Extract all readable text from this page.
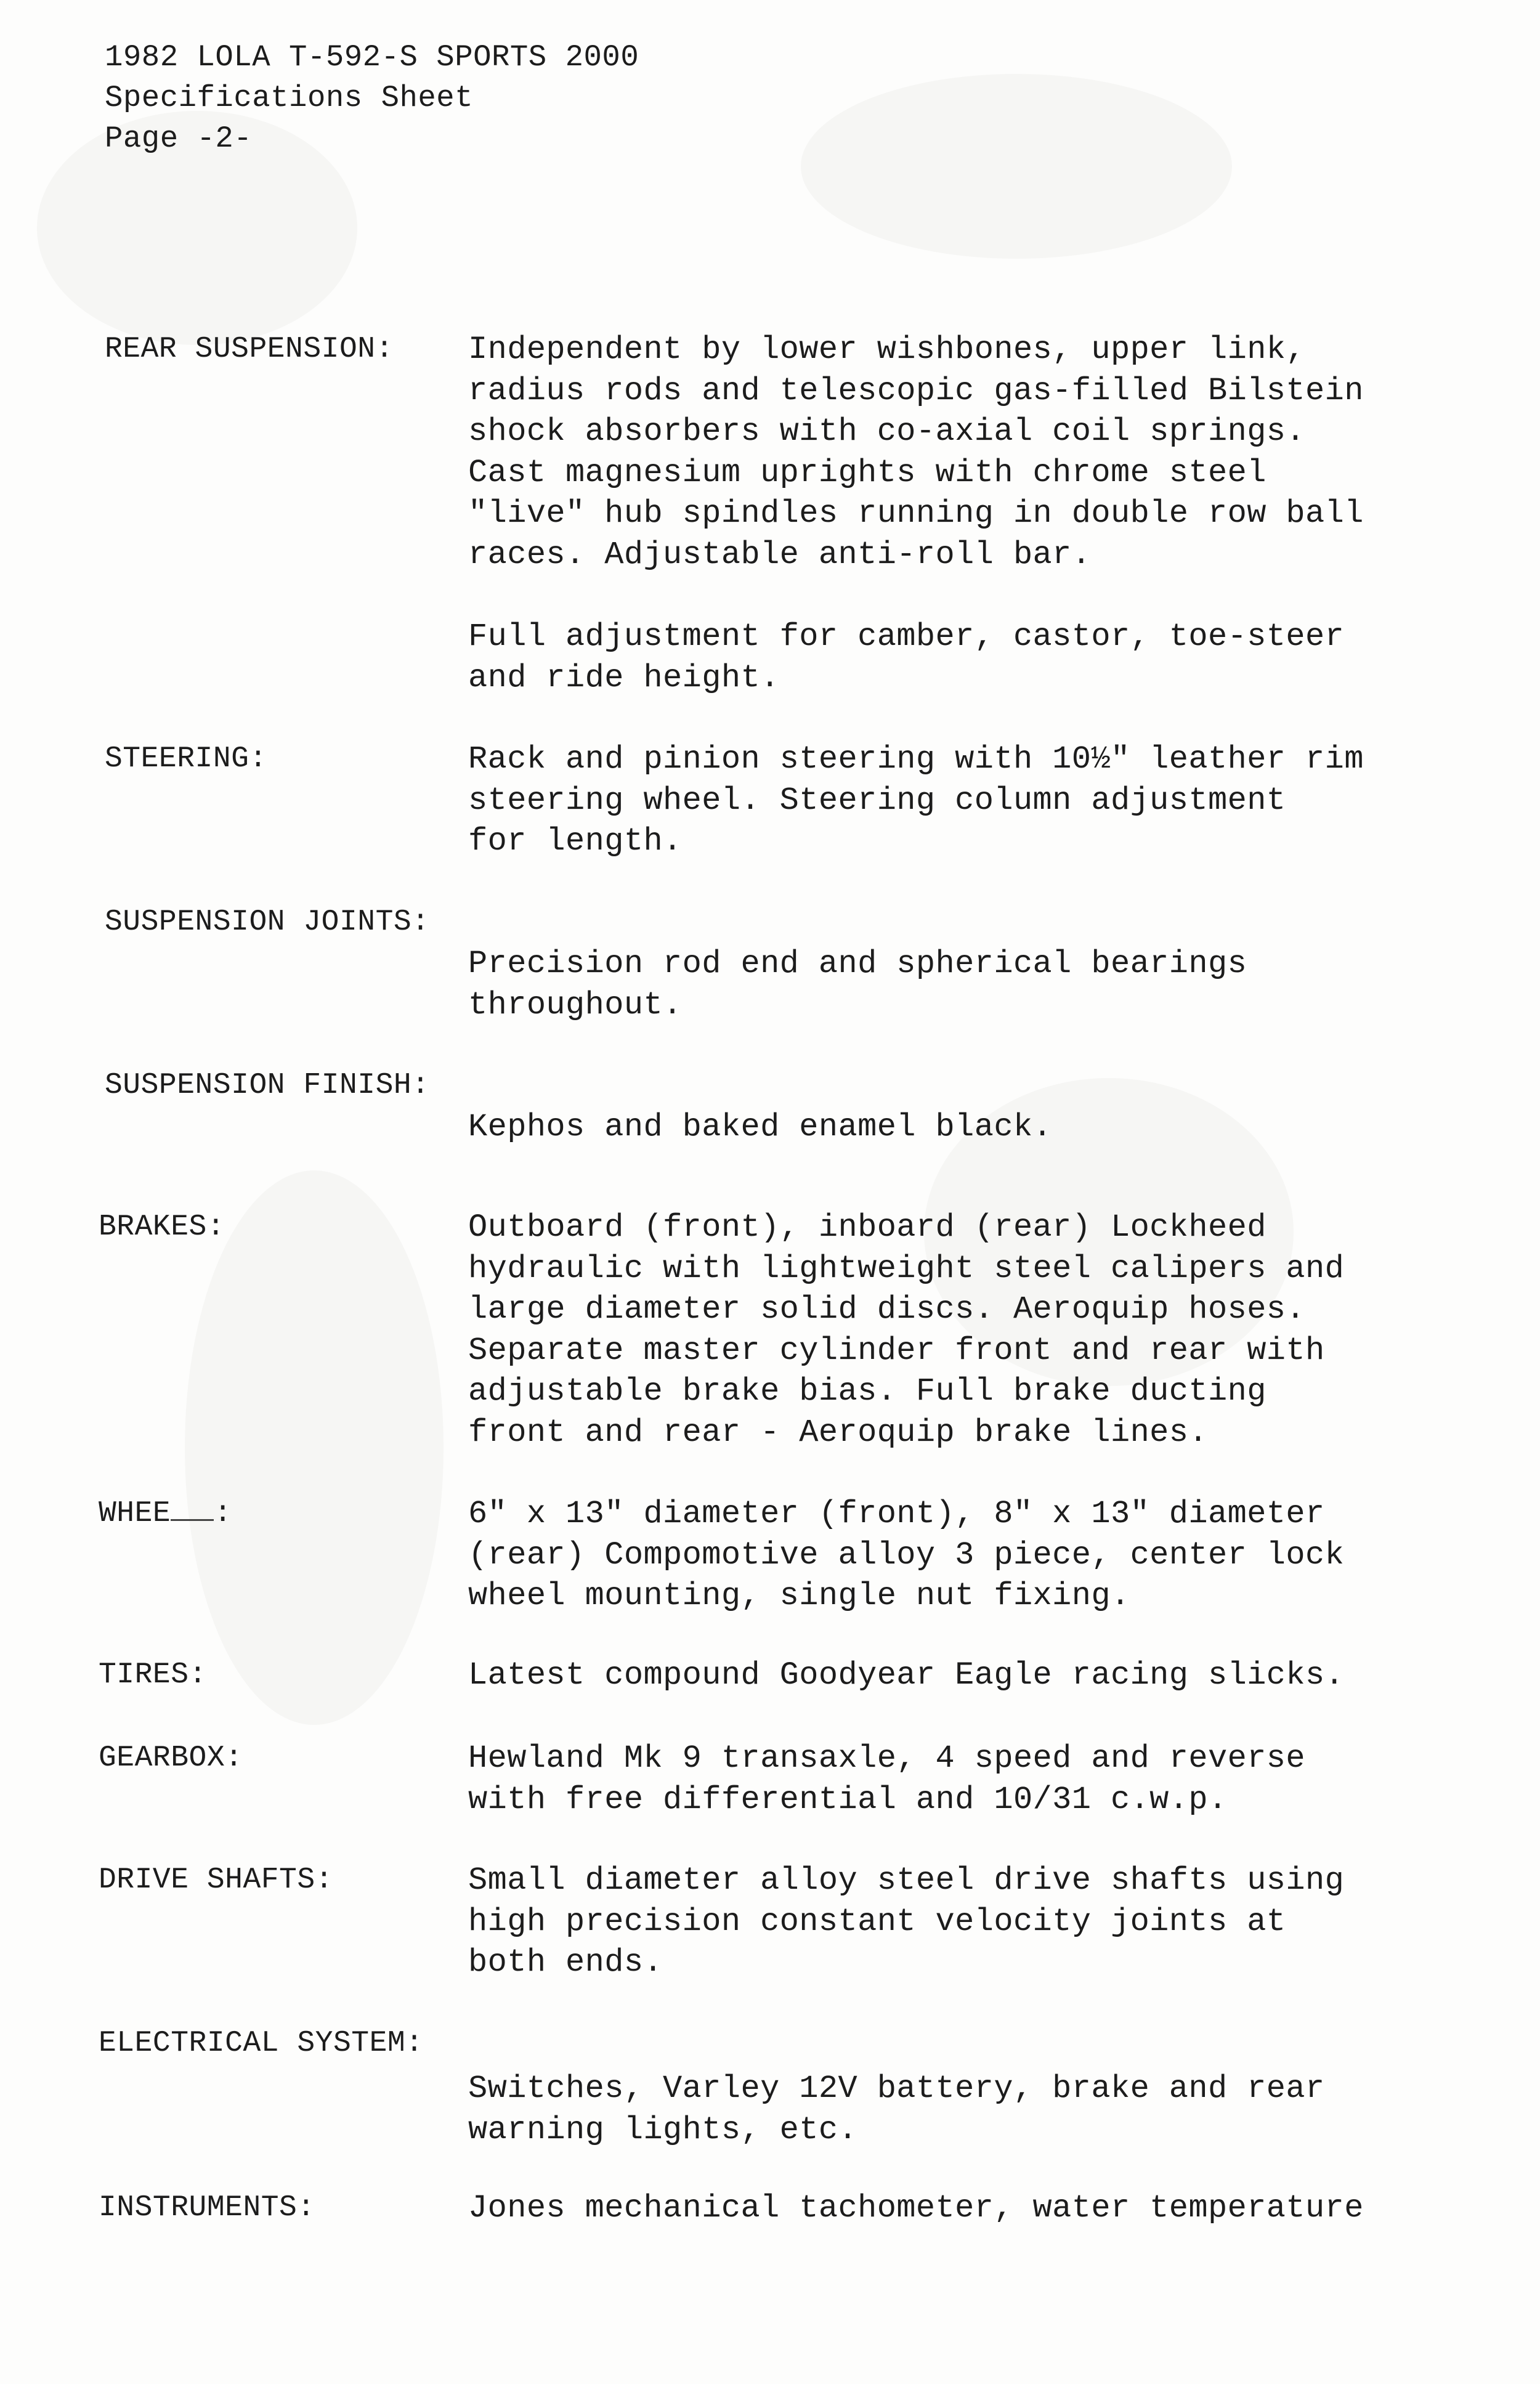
1982 LOLA T-592-S SPORTS 2000
Specifications Sheet
Page -2-
REAR SUSPENSION: Independent by lower wishbones, upper link,
radius rods and telescopic gas-filled Bilstein
shock absorbers with co-axial coil springs.
Cast magnesium uprights with chrome steel
"live" hub spindles running in double row ball
races. Adjustable anti-roll bar.
Full adjustment for camber, castor, toe-steer
and ride height.
STEERING:	Rack and pinion steering with 10½" leather rim
steering wheel. Steering column adjustment
for length.
SUSPENSION JOINTS:
Precision rod end and spherical bearings
throughout.
SUSPENSION FINISH:
Kephos and baked enamel black.
BRAKES:	Outboard (front), inboard (rear) Lockheed
hydraulic with lightweight steel calipers and
large diameter solid discs. Aeroquip hoses.
Separate master cylinder front and rear with
adjustable brake bias. Full brake ducting
front and rear - Aeroquip brake lines.
WHEE :	6" x 13" diameter (front), 8" x 13" diameter
(rear) Compomotive alloy 3 piece, center lock
wheel mounting, single nut fixing.
TIRES:	Latest compound Goodyear Eagle racing slicks.
GEARBOX:	Hewland Mk 9 transaxle, 4 speed and reverse
with free differential and 10/31 c.w.p.
DRIVE SHAFTS:	Small diameter alloy steel drive shafts using
high precision constant velocity joints at
both ends.
ELECTRICAL SYSTEM:
Switches, Varley 12V battery, brake and rear
warning lights, etc.
INSTRUMENTS:	Jones mechanical tachometer, water temperature
